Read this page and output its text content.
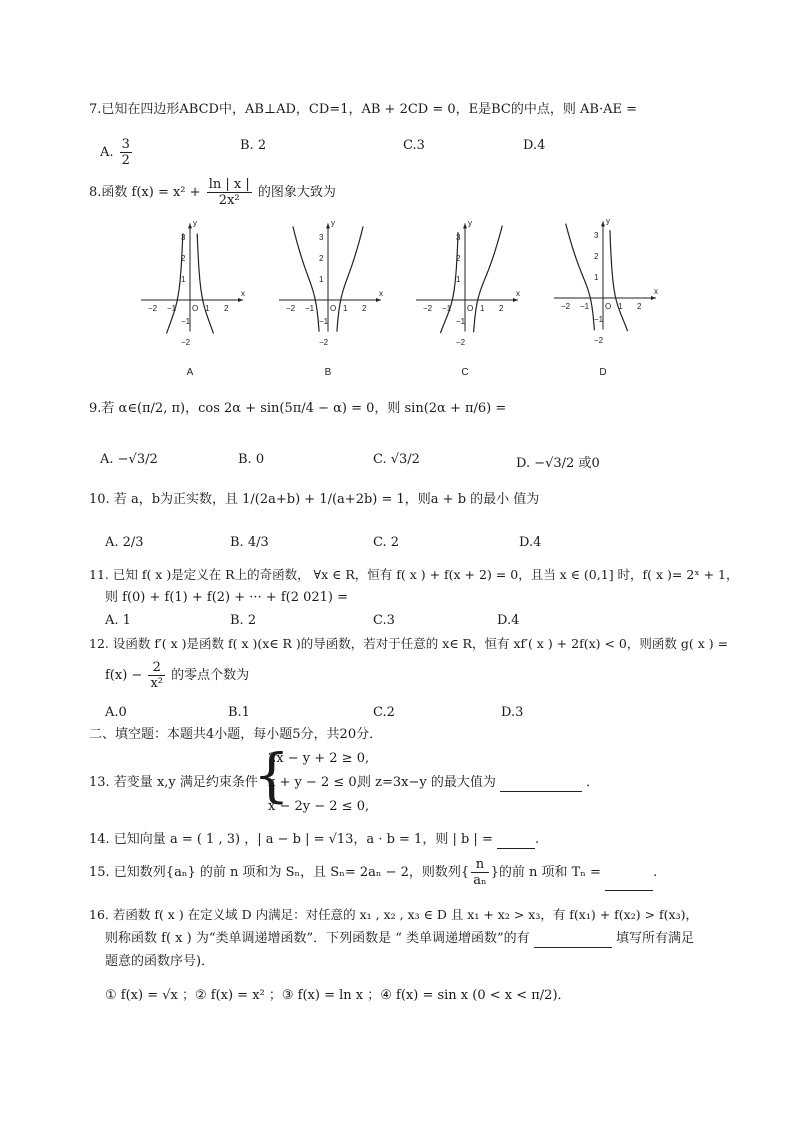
7.已知在四边形ABCD中，AB⊥AD，CD=1，AB + 2CD = 0，E是BC的中点，则 AB·AE =
A. $\frac{3}{2}$	B. 2	C.3	D.4
8.函数 $f(x) = x^2 + \frac{\ln | x |}{\text{2x²}}$ 的图象大致为
x
y
−2 −1	1 2
O
3
2
1
−1
−2
A
x
y
−2 −1	1 2
O
3
2
1
−1
−2
B
x
y
−2 −1	1 2
O
3
2
1
−1
−2
C
x
y
−2 −1	1 2
O
3
2
1
−1
−2
D
9.若 α∈(π/2, π)，cos 2α + sin(5π/4 − α) = 0，则 sin(2α + π/6) =
A. −√3/2	B. 0	C. √3/2	D. −√3/2 或0
10. 若 a，b为正实数，且 1/(2a+b) + 1/(a+2b) = 1，则a + b 的最小 值为
A. 2/3	B. 4/3	C. 2	D.4
11. 已知 f( x )是定义在 R上的奇函数， ∀x ∈ R，恒有 f( x ) + f(x + 2) = 0，且当 x ∈ (0,1] 时，f( x )= 2ˣ + 1，
则 f(0) + f(1) + f(2) + ··· + f(2 021) =
A. 1	B. 2	C.3	D.4
12. 设函数 f′( x )是函数 f( x )(x∈ R )的导函数，若对于任意的 x∈ R，恒有 xf′( x ) + 2f(x) < 0，则函数 g( x ) =
$f(x) - \frac{2}{\text{x²}}$ 的零点个数为
A.0	B.1	C.2	D.3
二、填空题：本题共4小题，每小题5分，共20分．
13. 若变量 x,y 满足约束条件
{
2x − y + 2 ≥ 0,
x + y − 2 ≤ 0,
x − 2y − 2 ≤ 0,
则 z=3x−y 的最大值为	．
14. 已知向量 a = ( 1 , 3) ，| a − b | = √13，a · b = 1，则 | b | =	.
15. 已知数列{aₙ} 的前 n 项和为 Sₙ，且 Sₙ= 2aₙ − 2，则数列{ $\frac{n}{\text{aₙ}}$ }的前 n 项和 Tₙ =	.
16. 若函数 f( x ) 在定义域 D 内满足：对任意的 x₁ , x₂ , x₃ ∈ D 且 x₁ + x₂ > x₃，有 f(x₁) + f(x₂) > f(x₃)，
则称函数 f( x ) 为“类单调递增函数”．下列函数是 “ 类单调递增函数”的有	填写所有满足
题意的函数序号)．
① f(x) = √x ；② f(x) = x² ；③ f(x) = ln x ；④ f(x) = sin x (0 < x < π/2)．
